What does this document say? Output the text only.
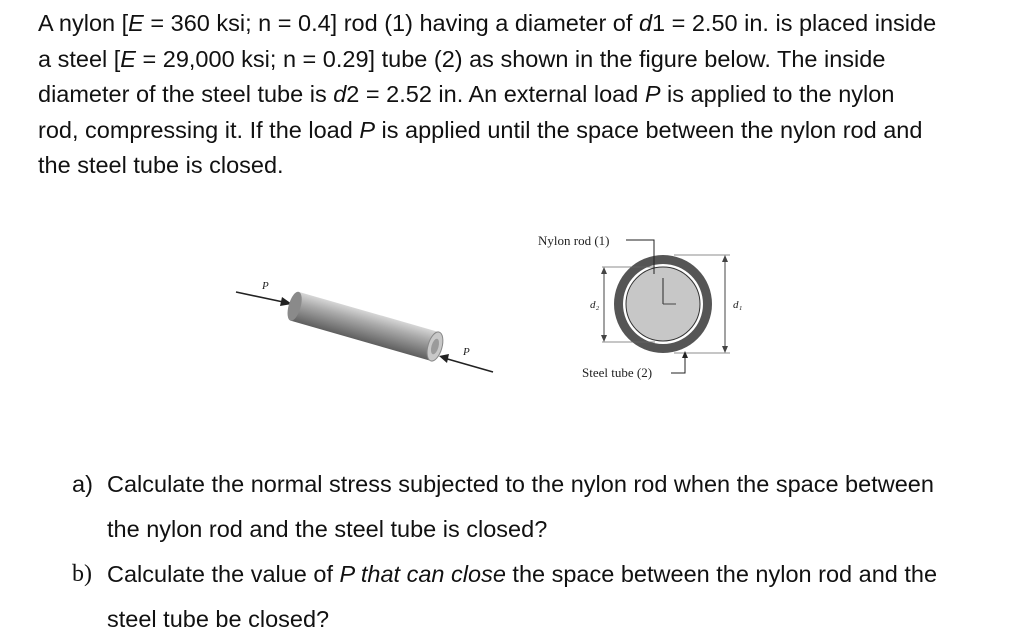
A nylon [E = 360 ksi; n = 0.4] rod (1) having a diameter of d1 = 2.50 in. is placed inside a steel [E = 29,000 ksi; n = 0.29] tube (2) as shown in the figure below. The inside diameter of the steel tube is d2 = 2.52 in. An external load P is applied to the nylon rod, compressing it. If the load P is applied until the space between the nylon rod and the steel tube is closed.

P
P
Nylon rod (1)
d₂	d₁
Steel tube (2)
a) Calculate the normal stress subjected to the nylon rod when the space between the nylon rod and the steel tube is closed?
b) Calculate the value of P that can close the space between the nylon rod and the steel tube be closed?
